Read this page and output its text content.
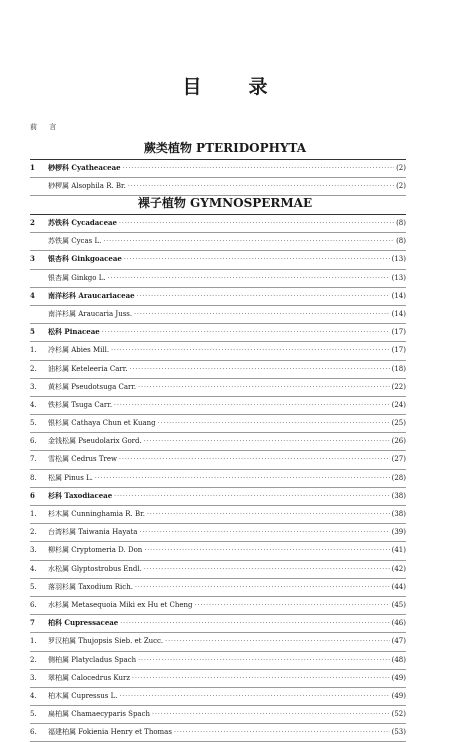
目　录
前 言
蕨类植物 PTERIDOPHYTA
1	桫椤科 Cyatheaceae ·····	(2)
桫椤属 Alsophila R. Br. ·····	(2)
裸子植物 GYMNOSPERMAE
2	苏铁科 Cycadaceae ·····	(8)
苏铁属 Cycas L. ·····	(8)
3	银杏科 Ginkgoaceae ·····	(13)
银杏属 Ginkgo L. ·····	(13)
4	南洋杉科 Araucariaceae ·····	(14)
南洋杉属 Araucaria Juss. ·····	(14)
5	松科 Pinaceae ·····	(17)
1.	冷杉属 Abies Mill. ·····	(17)
2.	油杉属 Keteleeria Carr. ·····	(18)
3.	黄杉属 Pseudotsuga Carr. ·····	(22)
4.	铁杉属 Tsuga Carr. ·····	(24)
5.	银杉属 Cathaya Chun et Kuang ·····	(25)
6.	金钱松属 Pseudolarix Gord. ·····	(26)
7.	雪松属 Cedrus Trew ·····	(27)
8.	松属 Pinus L. ·····	(28)
6	杉科 Taxodiaceae ·····	(38)
1.	杉木属 Cunninghamia R. Br. ·····	(38)
2.	台湾杉属 Taiwania Hayata ·····	(39)
3.	柳杉属 Cryptomeria D. Don ·····	(41)
4.	水松属 Glyptostrobus Endl. ·····	(42)
5.	落羽杉属 Taxodium Rich. ·····	(44)
6.	水杉属 Metasequoia Miki ex Hu et Cheng ·····	(45)
7	柏科 Cupressaceae ·····	(46)
1.	罗汉柏属 Thujopsis Sieb. et Zucc. ·····	(47)
2.	侧柏属 Platycladus Spach ·····	(48)
3.	翠柏属 Calocedrus Kurz ·····	(49)
4.	柏木属 Cupressus L. ·····	(49)
5.	扁柏属 Chamaecyparis Spach ·····	(52)
6.	福建柏属 Fokienia Henry et Thomas ·····	(53)
